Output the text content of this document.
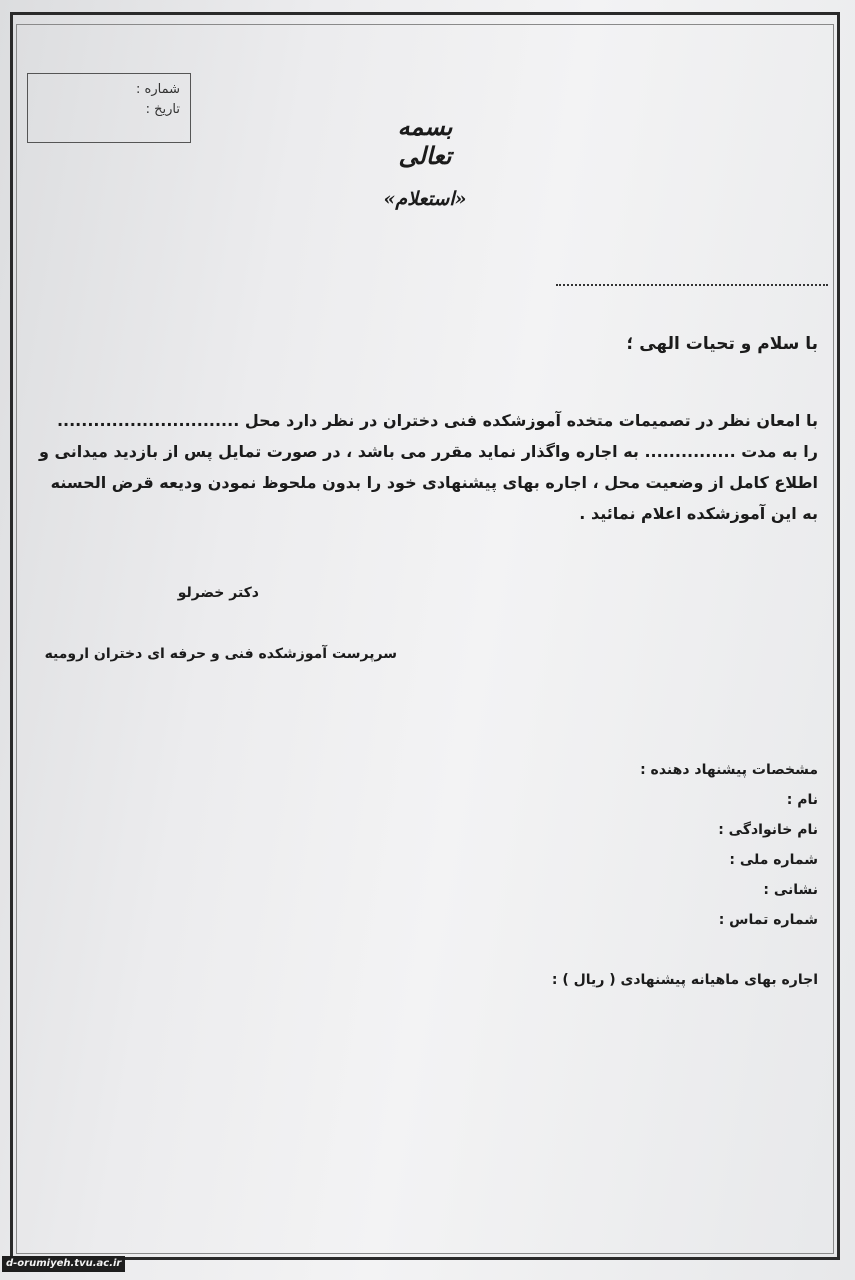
شماره :
تاریخ :
بسمه تعالی
«استعلام»
با سلام و تحیات الهی ؛
با امعان نظر در تصمیمات متخده آموزشکده فنی دختران در نظر دارد محل ..............................
را به مدت ............... به اجاره واگذار نماید مقرر می باشد ، در صورت تمایل پس از بازدید میدانی و
اطلاع کامل از وضعیت محل ، اجاره بهای پیشنهادی خود را بدون ملحوظ نمودن ودیعه قرض الحسنه
به این آموزشکده اعلام نمائید .
دکتر خضرلو
سرپرست آموزشکده فنی و حرفه ای دختران ارومیه
مشخصات پیشنهاد دهنده :
نام :
نام خانوادگی :
شماره ملی :
نشانی :
شماره تماس :
اجاره بهای ماهیانه پیشنهادی ( ریال ) :
d-orumiyeh.tvu.ac.ir
